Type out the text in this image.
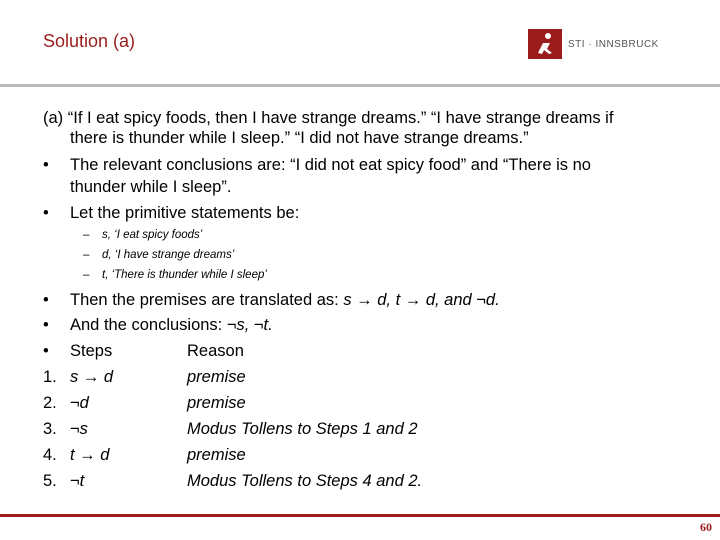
Solution (a)	STI · INNSBRUCK
(a) “If I eat spicy foods, then I have strange dreams.” “I have strange dreams if
there is thunder while I sleep.” “I did not have strange dreams.”
• The relevant conclusions are: “I did not eat spicy food” and “There is no
thunder while I sleep”.
• Let the primitive statements be:
– s, ‘I eat spicy foods’
– d, ‘I have strange dreams’
– t, ‘There is thunder while I sleep’
• Then the premises are translated as: s → d, t → d, and ¬d.
• And the conclusions: ¬s, ¬t.
• Steps	Reason
1. s → d	premise
2. ¬d	premise
3. ¬s	Modus Tollens to Steps 1 and 2
4. t → d	premise
5. ¬t	Modus Tollens to Steps 4 and 2.
60
